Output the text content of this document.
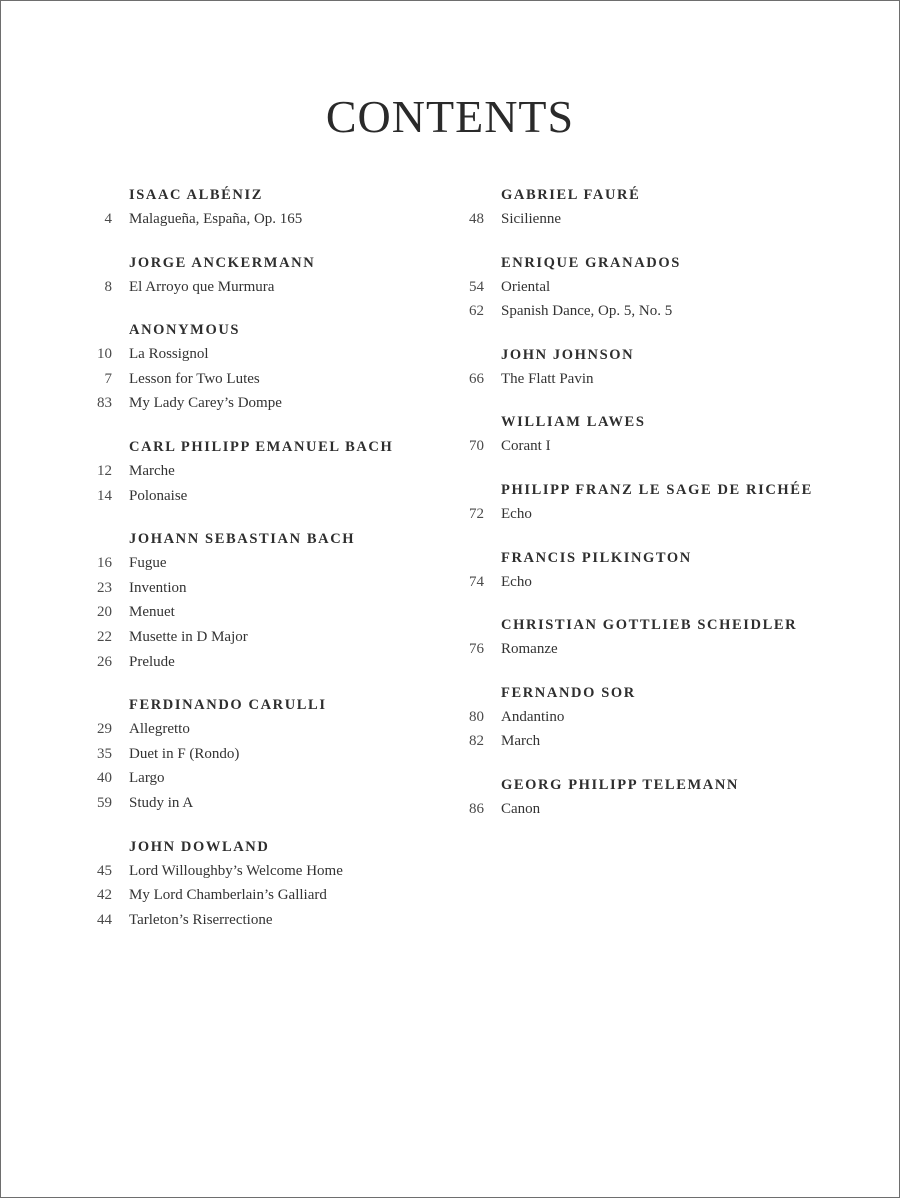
CONTENTS
ISAAC ALBÉNIZ
4 Malagueña, España, Op. 165
JORGE ANCKERMANN
8 El Arroyo que Murmura
ANONYMOUS
10 La Rossignol
7 Lesson for Two Lutes
83 My Lady Carey’s Dompe
CARL PHILIPP EMANUEL BACH
12 Marche
14 Polonaise
JOHANN SEBASTIAN BACH
16 Fugue
23 Invention
20 Menuet
22 Musette in D Major
26 Prelude
FERDINANDO CARULLI
29 Allegretto
35 Duet in F (Rondo)
40 Largo
59 Study in A
JOHN DOWLAND
45 Lord Willoughby’s Welcome Home
42 My Lord Chamberlain’s Galliard
44 Tarleton’s Riserrectione
GABRIEL FAURÉ
48 Sicilienne
ENRIQUE GRANADOS
54 Oriental
62 Spanish Dance, Op. 5, No. 5
JOHN JOHNSON
66 The Flatt Pavin
WILLIAM LAWES
70 Corant I
PHILIPP FRANZ LE SAGE DE RICHÉE
72 Echo
FRANCIS PILKINGTON
74 Echo
CHRISTIAN GOTTLIEB SCHEIDLER
76 Romanze
FERNANDO SOR
80 Andantino
82 March
GEORG PHILIPP TELEMANN
86 Canon
